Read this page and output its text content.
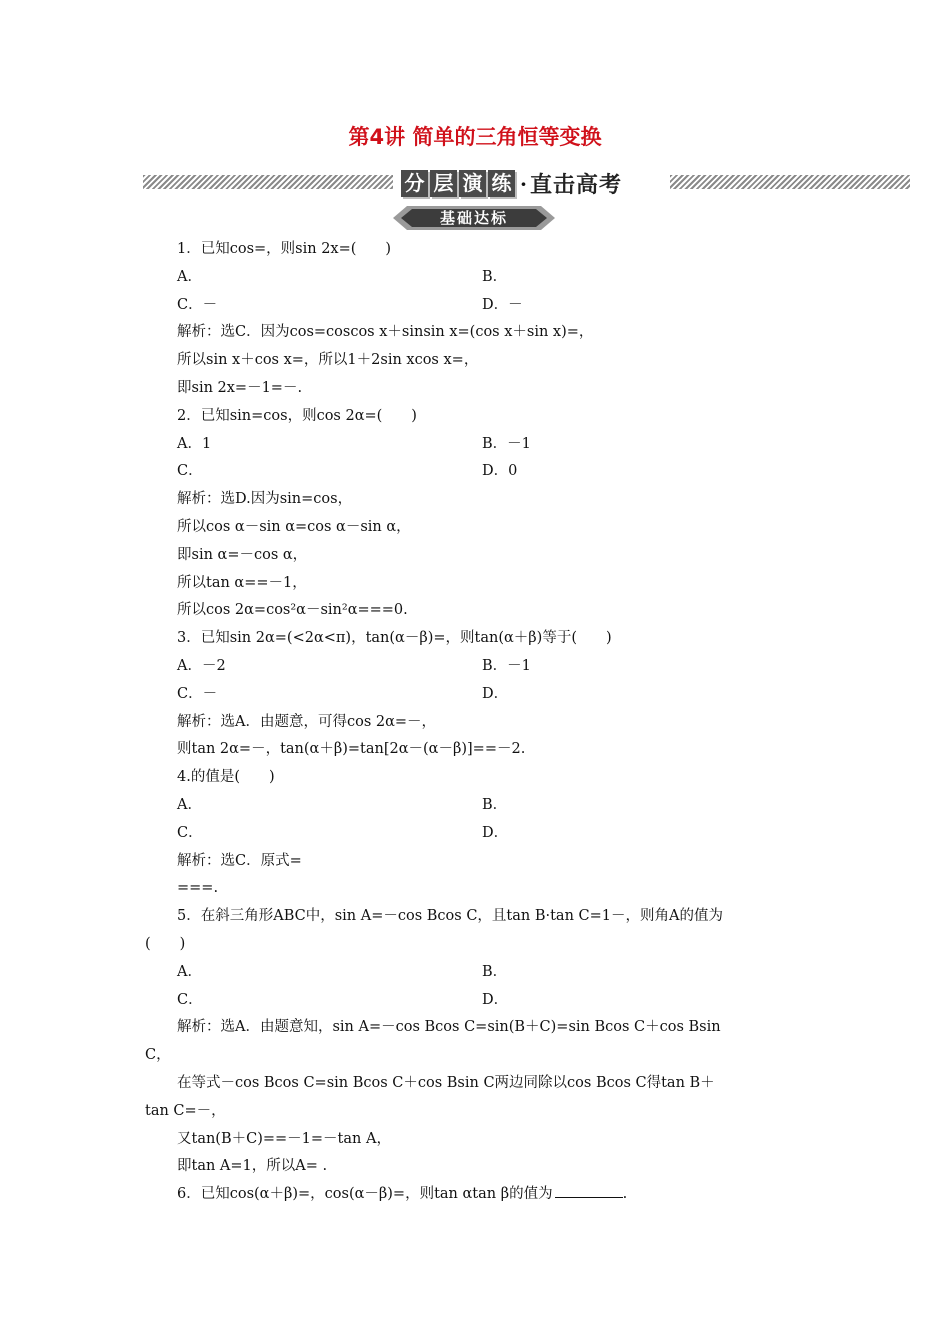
第4讲 简单的三角恒等变换
分 层 演 练 · 直击高考
基础达标
1．已知cos=，则sin 2x=(　　)
A．	B．
C．－	D．－
解析：选C．因为cos=coscos x＋sinsin x=(cos x＋sin x)=，
所以sin x＋cos x=，所以1＋2sin xcos x=，
即sin 2x=－1=－.
2．已知sin=cos，则cos 2α=(　　)
A．1	B．－1
C．	D．0
解析：选D.因为sin=cos，
所以cos α－sin α=cos α－sin α，
即sin α=－cos α，
所以tan α==－1，
所以cos 2α=cos²α－sin²α===0.
3．已知sin 2α=(<2α<π)，tan(α－β)=，则tan(α＋β)等于(　　)
A．－2	B．－1
C．－	D．
解析：选A．由题意，可得cos 2α=－，
则tan 2α=－，tan(α＋β)=tan[2α－(α－β)]==－2.
4.的值是(　　)
A．	B．
C．	D．
解析：选C．原式=
===.
5．在斜三角形ABC中，sin A=－cos Bcos C，且tan B·tan C=1－，则角A的值为
(　　)
A．	B．
C．	D．
解析：选A．由题意知，sin A=－cos Bcos C=sin(B＋C)=sin Bcos C＋cos Bsin
C，
在等式－cos Bcos C=sin Bcos C＋cos Bsin C两边同除以cos Bcos C得tan B＋
tan C=－，
又tan(B＋C)==－1=－tan A，
即tan A=1，所以A= .
6．已知cos(α＋β)=，cos(α－β)=，则tan αtan β的值为	.
